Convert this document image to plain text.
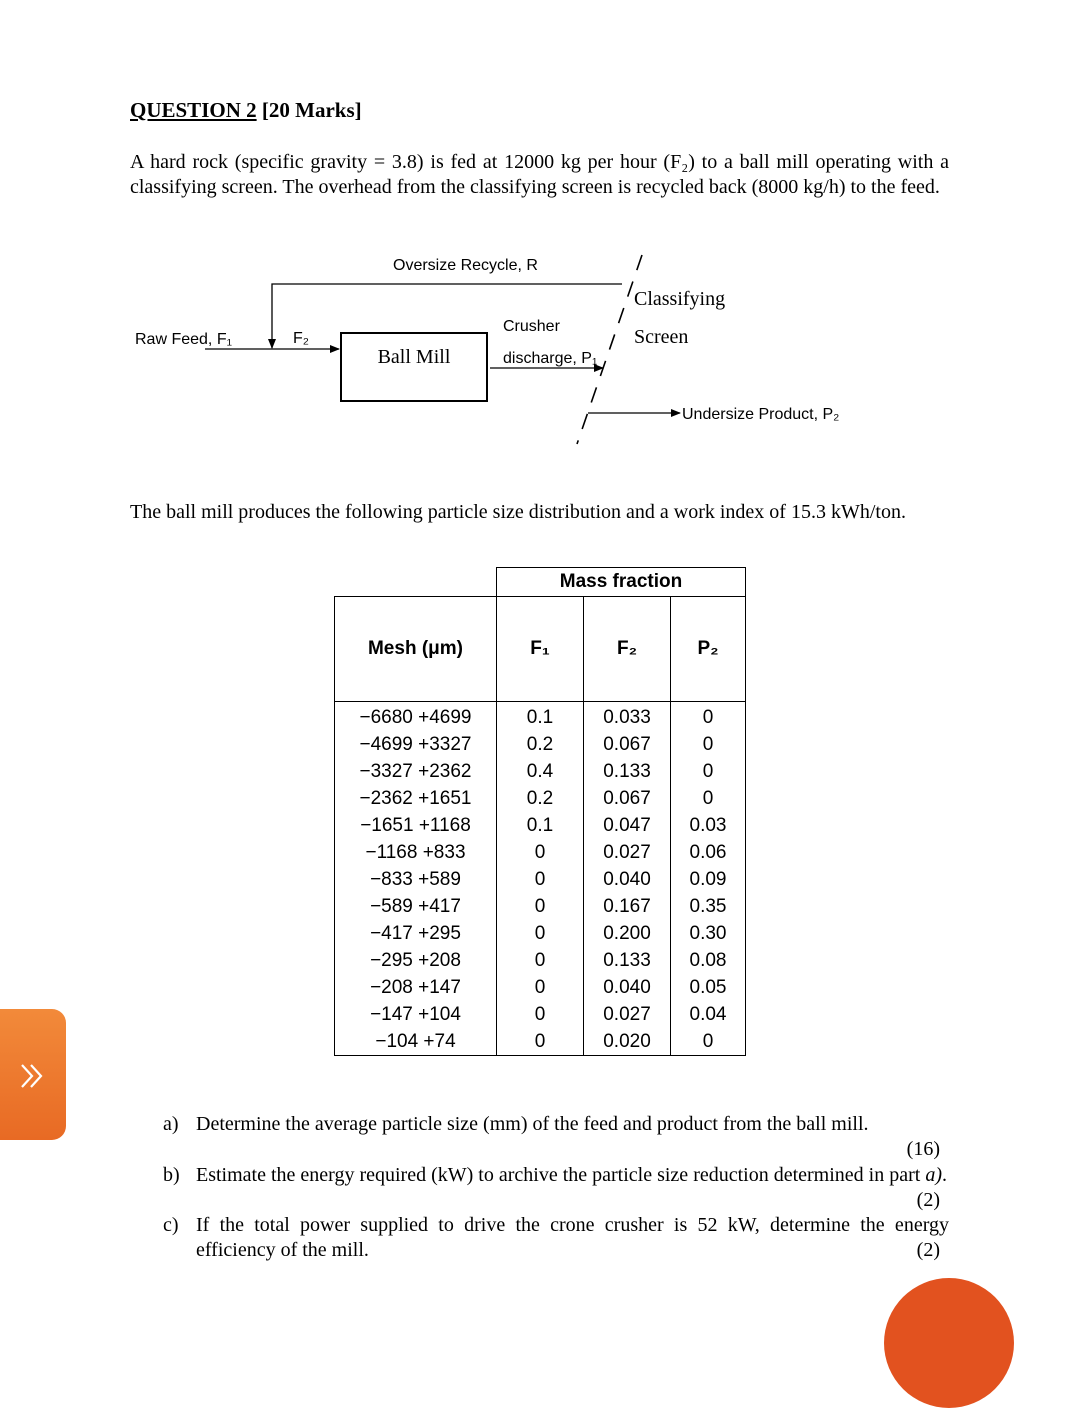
QUESTION 2 [20 Marks]
A hard rock (specific gravity = 3.8) is fed at 12000 kg per hour (F₂) to a ball mill operating with a classifying screen. The overhead from the classifying screen is recycled back (8000 kg/h) to the feed.
Oversize Recycle, R
Raw Feed, F₁	F₂
Ball Mill
Crusher
discharge, P₁
Classifying
Screen
Undersize Product, P₂
The ball mill produces the following particle size distribution and a work index of 15.3 kWh/ton.
	Mass fraction		
Mesh (μm)	F₁	F₂	P₂
−6680 +4699	0.1	0.033	0
−4699 +3327	0.2	0.067	0
−3327 +2362	0.4	0.133	0
−2362 +1651	0.2	0.067	0
−1651 +1168	0.1	0.047	0.03
−1168 +833	0	0.027	0.06
−833 +589	0	0.040	0.09
−589 +417	0	0.167	0.35
−417 +295	0	0.200	0.30
−295 +208	0	0.133	0.08
−208 +147	0	0.040	0.05
−147 +104	0	0.027	0.04
−104 +74	0	0.020	0
a) Determine the average particle size (mm) of the feed and product from the ball mill.
(16)
b) Estimate the energy required (kW) to archive the particle size reduction determined in part a).
(2)
c) If the total power supplied to drive the crone crusher is 52 kW, determine the energy efficiency of the mill.	(2)
